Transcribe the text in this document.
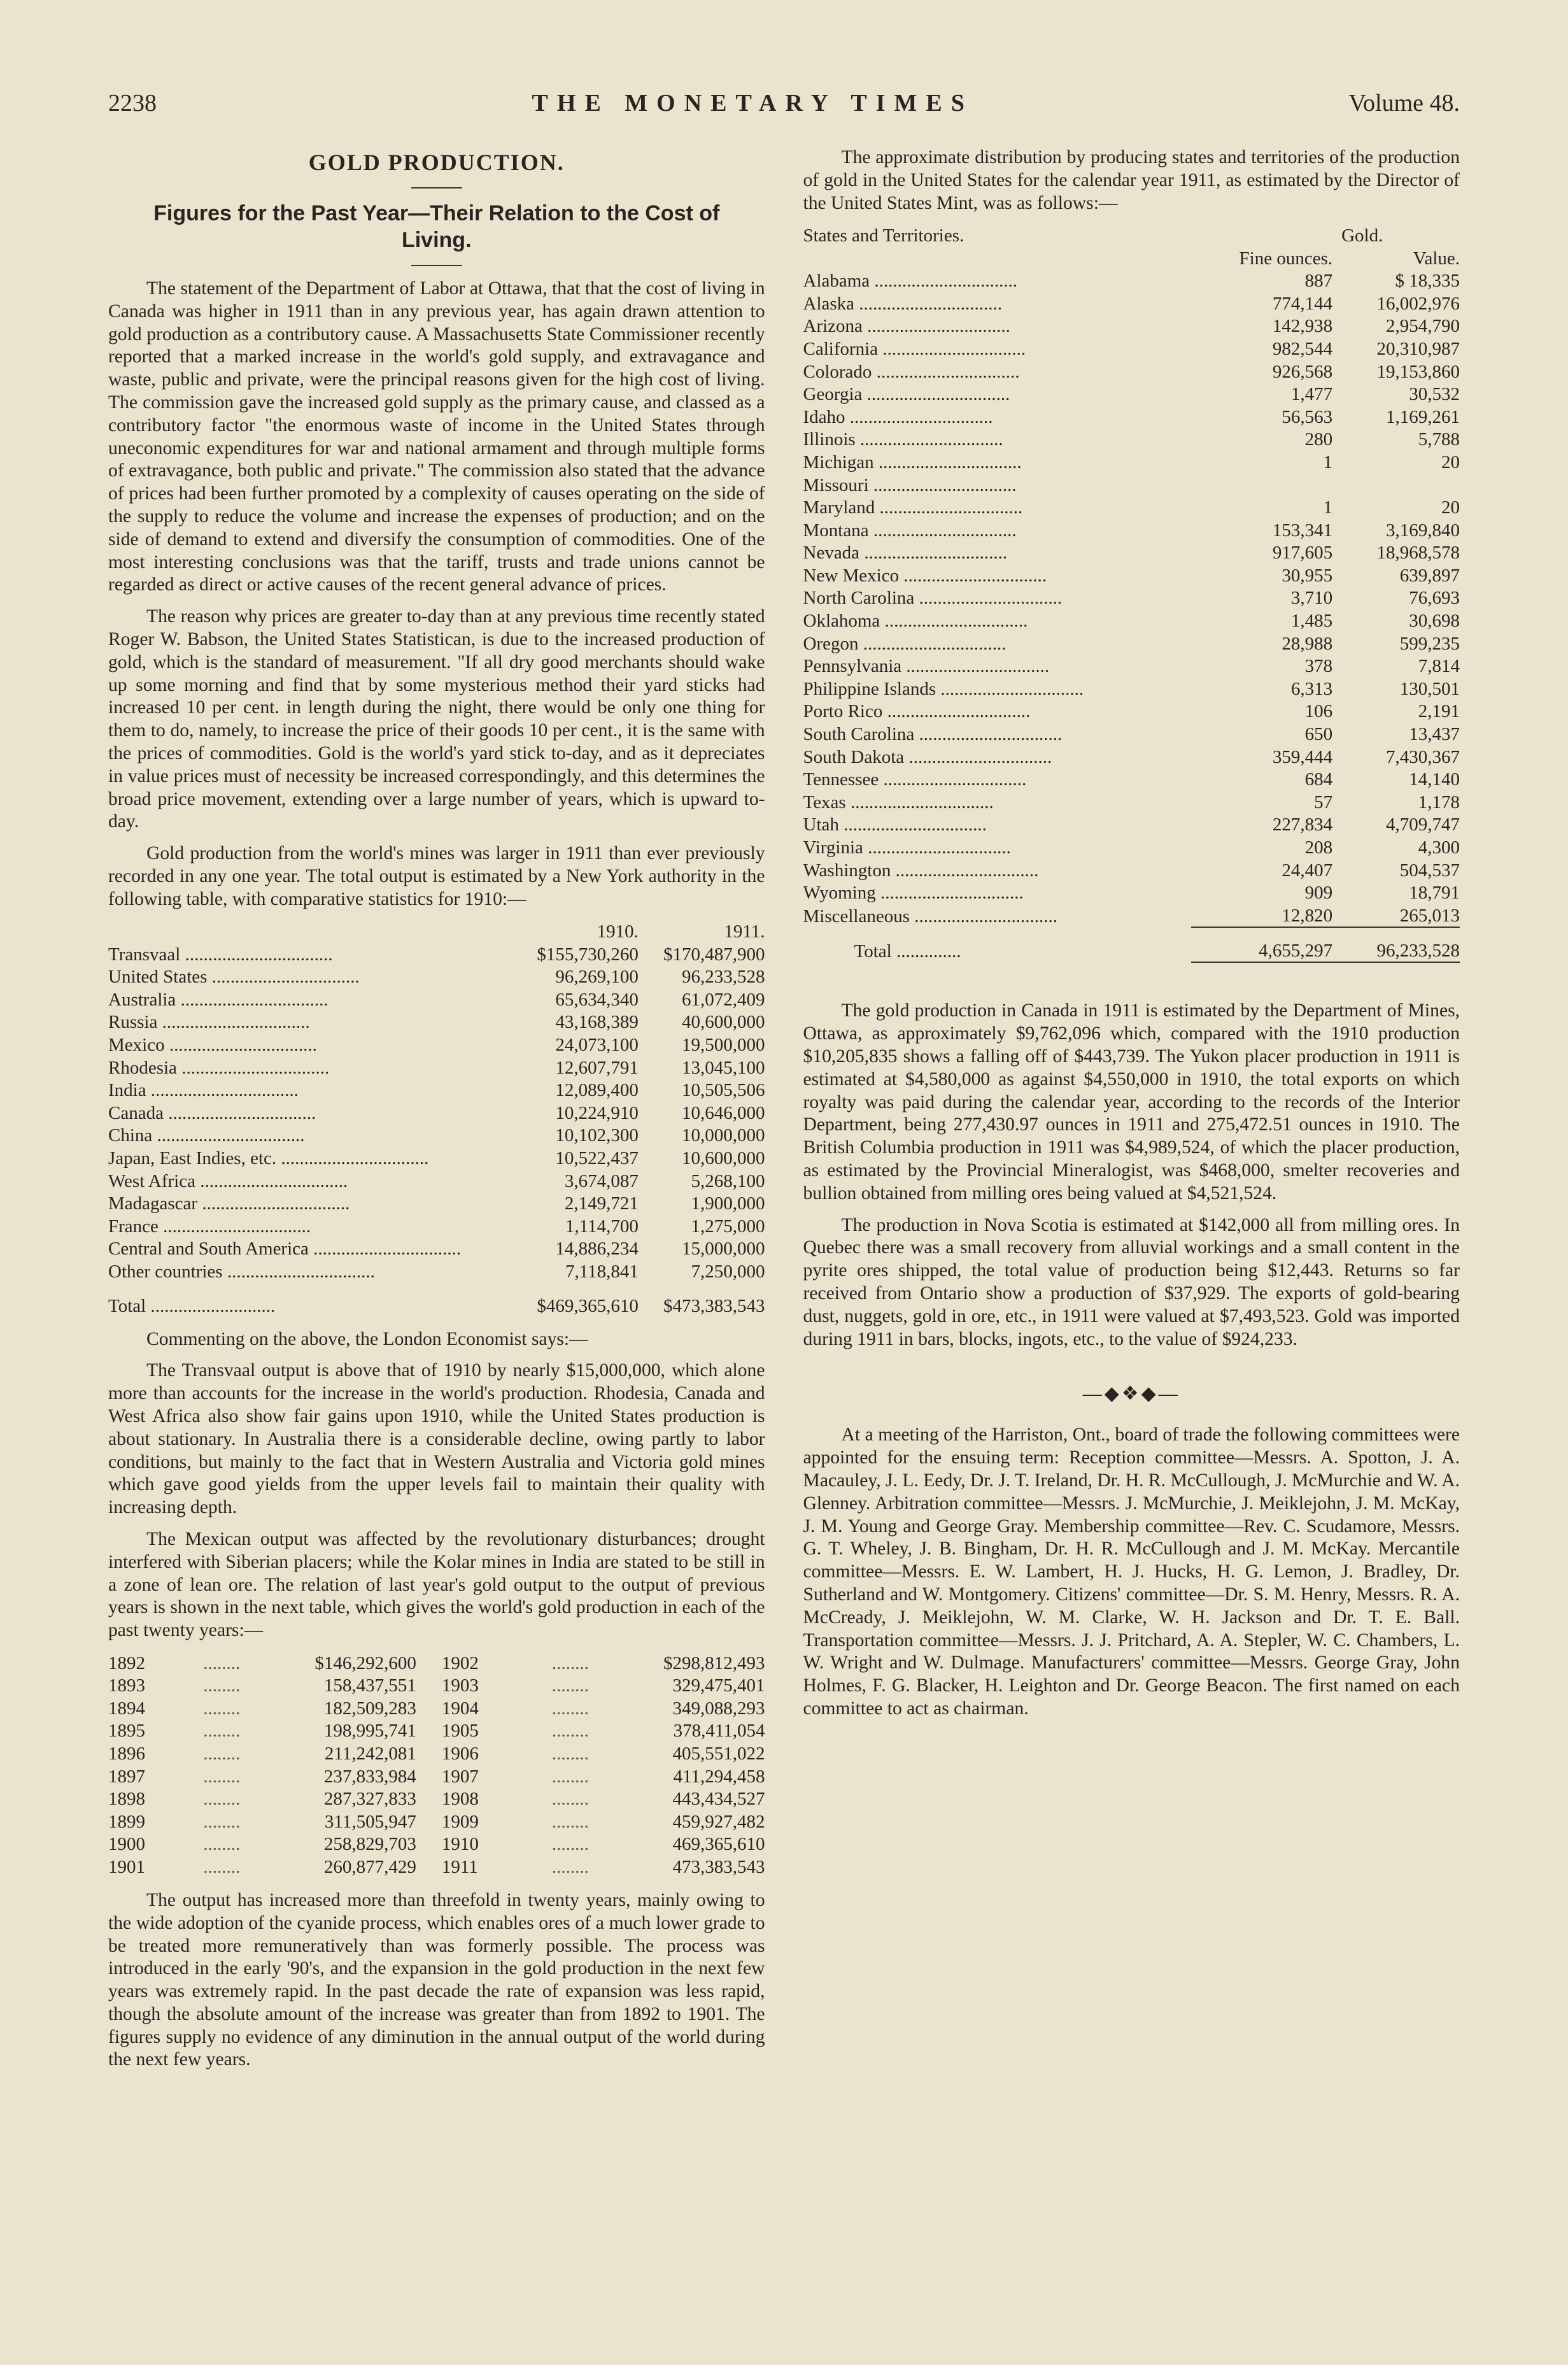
2238	THE MONETARY TIMES	Volume 48.
GOLD PRODUCTION.
Figures for the Past Year—Their Relation to the Cost of Living.

The statement of the Department of Labor at Ottawa, that that the cost of living in Canada was higher in 1911 than in any previous year, has again drawn attention to gold production as a contributory cause. A Massachusetts State Commissioner recently reported that a marked increase in the world's gold supply, and extravagance and waste, public and private, were the principal reasons given for the high cost of living. The commission gave the increased gold supply as the primary cause, and classed as a contributory factor "the enormous waste of income in the United States through uneconomic expenditures for war and national armament and through multiple forms of extravagance, both public and private." The commission also stated that the advance of prices had been further promoted by a complexity of causes operating on the side of the supply to reduce the volume and increase the expenses of production; and on the side of demand to extend and diversify the consumption of commodities. One of the most interesting conclusions was that the tariff, trusts and trade unions cannot be regarded as direct or active causes of the recent general advance of prices.

The reason why prices are greater to-day than at any previous time recently stated Roger W. Babson, the United States Statistican, is due to the increased production of gold, which is the standard of measurement. "If all dry good merchants should wake up some morning and find that by some mysterious method their yard sticks had increased 10 per cent. in length during the night, there would be only one thing for them to do, namely, to increase the price of their goods 10 per cent., it is the same with the prices of commodities. Gold is the world's yard stick to-day, and as it depreciates in value prices must of necessity be increased correspondingly, and this determines the broad price movement, extending over a large number of years, which is upward to-day.

Gold production from the world's mines was larger in 1911 than ever previously recorded in any one year. The total output is estimated by a New York authority in the following table, with comparative statistics for 1910:—

	1910.	1911.
Transvaal ................................	$155,730,260	$170,487,900
United States ................................	96,269,100	96,233,528
Australia ................................	65,634,340	61,072,409
Russia ................................	43,168,389	40,600,000
Mexico ................................	24,073,100	19,500,000
Rhodesia ................................	12,607,791	13,045,100
India ................................	12,089,400	10,505,506
Canada ................................	10,224,910	10,646,000
China ................................	10,102,300	10,000,000
Japan, East Indies, etc. ................................	10,522,437	10,600,000
West Africa ................................	3,674,087	5,268,100
Madagascar ................................	2,149,721	1,900,000
France ................................	1,114,700	1,275,000
Central and South America ................................	14,886,234	15,000,000
Other countries ................................	7,118,841	7,250,000
Total ...........................	$469,365,610	$473,383,543

Commenting on the above, the London Economist says:—

The Transvaal output is above that of 1910 by nearly $15,000,000, which alone more than accounts for the increase in the world's production. Rhodesia, Canada and West Africa also show fair gains upon 1910, while the United States production is about stationary. In Australia there is a considerable decline, owing partly to labor conditions, but mainly to the fact that in Western Australia and Victoria gold mines which gave good yields from the upper levels fail to maintain their quality with increasing depth.

The Mexican output was affected by the revolutionary disturbances; drought interfered with Siberian placers; while the Kolar mines in India are stated to be still in a zone of lean ore. The relation of last year's gold output to the output of previous years is shown in the next table, which gives the world's gold production in each of the past twenty years:—

1892	........	$146,292,600	1902	........	$298,812,493
1893	........	158,437,551	1903	........	329,475,401
1894	........	182,509,283	1904	........	349,088,293
1895	........	198,995,741	1905	........	378,411,054
1896	........	211,242,081	1906	........	405,551,022
1897	........	237,833,984	1907	........	411,294,458
1898	........	287,327,833	1908	........	443,434,527
1899	........	311,505,947	1909	........	459,927,482
1900	........	258,829,703	1910	........	469,365,610
1901	........	260,877,429	1911	........	473,383,543

The output has increased more than threefold in twenty years, mainly owing to the wide adoption of the cyanide process, which enables ores of a much lower grade to be treated more remuneratively than was formerly possible. The process was introduced in the early '90's, and the expansion in the gold production in the next few years was extremely rapid. In the past decade the rate of expansion was less rapid, though the absolute amount of the increase was greater than from 1892 to 1901. The figures supply no evidence of any diminution in the annual output of the world during the next few years.

The approximate distribution by producing states and territories of the production of gold in the United States for the calendar year 1911, as estimated by the Director of the United States Mint, was as follows:—

States and Territories.		Gold.
	Fine ounces.	Value.
Alabama ...............................	887	$ 18,335
Alaska ...............................	774,144	16,002,976
Arizona ...............................	142,938	2,954,790
California ...............................	982,544	20,310,987
Colorado ...............................	926,568	19,153,860
Georgia ...............................	1,477	30,532
Idaho ...............................	56,563	1,169,261
Illinois ...............................	280	5,788
Michigan ...............................	1	20
Missouri ...............................		
Maryland ...............................	1	20
Montana ...............................	153,341	3,169,840
Nevada ...............................	917,605	18,968,578
New Mexico ...............................	30,955	639,897
North Carolina ...............................	3,710	76,693
Oklahoma ...............................	1,485	30,698
Oregon ...............................	28,988	599,235
Pennsylvania ...............................	378	7,814
Philippine Islands ...............................	6,313	130,501
Porto Rico ...............................	106	2,191
South Carolina ...............................	650	13,437
South Dakota ...............................	359,444	7,430,367
Tennessee ...............................	684	14,140
Texas ...............................	57	1,178
Utah ...............................	227,834	4,709,747
Virginia ...............................	208	4,300
Washington ...............................	24,407	504,537
Wyoming ...............................	909	18,791
Miscellaneous ...............................	12,820	265,013
Total ..............	4,655,297	96,233,528

The gold production in Canada in 1911 is estimated by the Department of Mines, Ottawa, as approximately $9,762,096 which, compared with the 1910 production $10,205,835 shows a falling off of $443,739. The Yukon placer production in 1911 is estimated at $4,580,000 as against $4,550,000 in 1910, the total exports on which royalty was paid during the calendar year, according to the records of the Interior Department, being 277,430.97 ounces in 1911 and 275,472.51 ounces in 1910. The British Columbia production in 1911 was $4,989,524, of which the placer production, as estimated by the Provincial Mineralogist, was $468,000, smelter recoveries and bullion obtained from milling ores being valued at $4,521,524.

The production in Nova Scotia is estimated at $142,000 all from milling ores. In Quebec there was a small recovery from alluvial workings and a small content in the pyrite ores shipped, the total value of production being $12,443. Returns so far received from Ontario show a production of $37,929. The exports of gold-bearing dust, nuggets, gold in ore, etc., in 1911 were valued at $7,493,523. Gold was imported during 1911 in bars, blocks, ingots, etc., to the value of $924,233.

—◆❖◆—

At a meeting of the Harriston, Ont., board of trade the following committees were appointed for the ensuing term: Reception committee—Messrs. A. Spotton, J. A. Macauley, J. L. Eedy, Dr. J. T. Ireland, Dr. H. R. McCullough, J. McMurchie and W. A. Glenney. Arbitration committee—Messrs. J. McMurchie, J. Meiklejohn, J. M. McKay, J. M. Young and George Gray. Membership committee—Rev. C. Scudamore, Messrs. G. T. Wheley, J. B. Bingham, Dr. H. R. McCullough and J. M. McKay. Mercantile committee—Messrs. E. W. Lambert, H. J. Hucks, H. G. Lemon, J. Bradley, Dr. Sutherland and W. Montgomery. Citizens' committee—Dr. S. M. Henry, Messrs. R. A. McCready, J. Meiklejohn, W. M. Clarke, W. H. Jackson and Dr. T. E. Ball. Transportation committee—Messrs. J. J. Pritchard, A. A. Stepler, W. C. Chambers, L. W. Wright and W. Dulmage. Manufacturers' committee—Messrs. George Gray, John Holmes, F. G. Blacker, H. Leighton and Dr. George Beacon. The first named on each committee to act as chairman.
